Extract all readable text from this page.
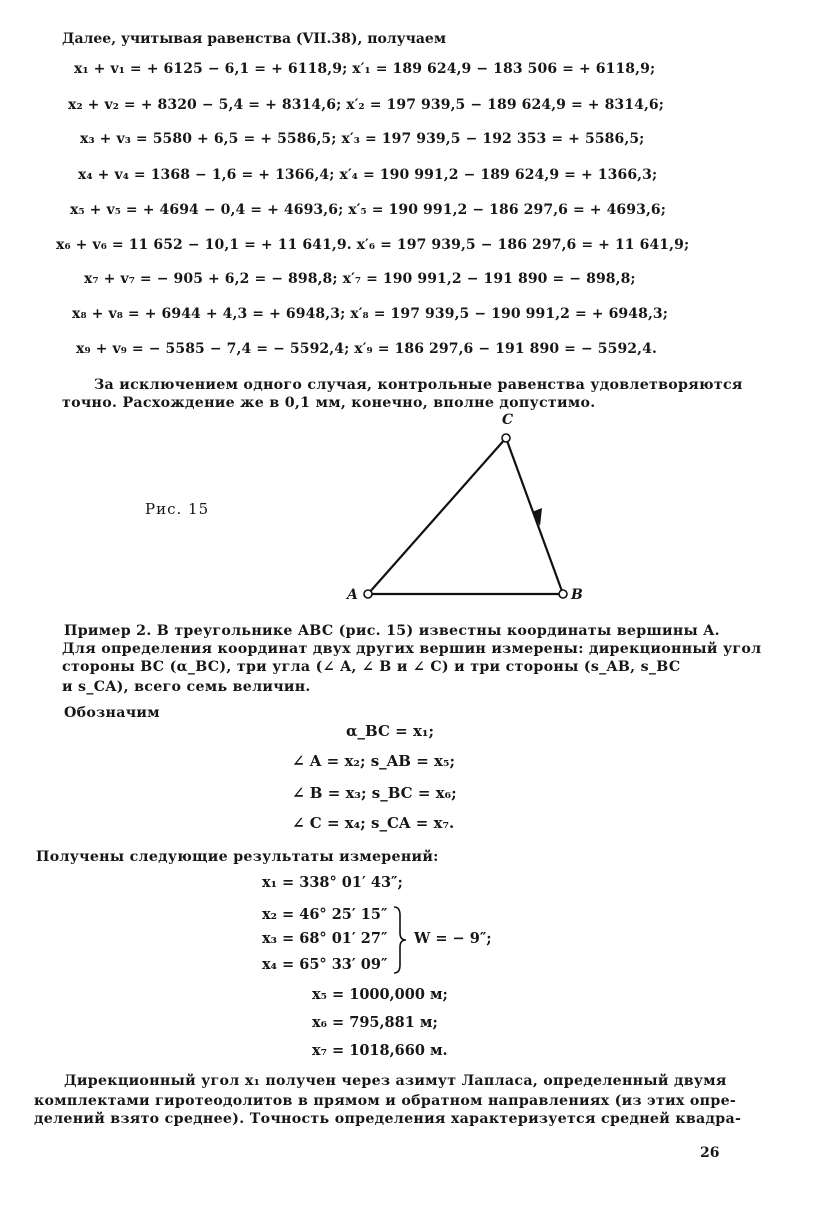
Далее, учитывая равенства (VII.38), получаем
x₁ + v₁ = + 6125 − 6,1 = + 6118,9; x′₁ = 189 624,9 − 183 506 = + 6118,9;
x₂ + v₂ = + 8320 − 5,4 = + 8314,6; x′₂ = 197 939,5 − 189 624,9 = + 8314,6;
x₃ + v₃ = 5580 + 6,5 = + 5586,5; x′₃ = 197 939,5 − 192 353 = + 5586,5;
x₄ + v₄ = 1368 − 1,6 = + 1366,4; x′₄ = 190 991,2 − 189 624,9 = + 1366,3;
x₅ + v₅ = + 4694 − 0,4 = + 4693,6; x′₅ = 190 991,2 − 186 297,6 = + 4693,6;
x₆ + v₆ = 11 652 − 10,1 = + 11 641,9. x′₆ = 197 939,5 − 186 297,6 = + 11 641,9;
x₇ + v₇ = − 905 + 6,2 = − 898,8; x′₇ = 190 991,2 − 191 890 = − 898,8;
x₈ + v₈ = + 6944 + 4,3 = + 6948,3; x′₈ = 197 939,5 − 190 991,2 = + 6948,3;
x₉ + v₉ = − 5585 − 7,4 = − 5592,4; x′₉ = 186 297,6 − 191 890 = − 5592,4.
За исключением одного случая, контрольные равенства удовлетворяются
точно. Расхождение же в 0,1 мм, конечно, вполне допустимо.
Рис. 15
A	B
C
Пример 2. В треугольнике ABC (рис. 15) известны координаты вершины A.
Для определения координат двух других вершин измерены: дирекционный угол
стороны BC (α_BC), три угла (∠ A, ∠ B и ∠ C) и три стороны (s_AB, s_BC
и s_CA), всего семь величин.
Обозначим
α_BC = x₁;
∠ A = x₂; s_AB = x₅;
∠ B = x₃; s_BC = x₆;
∠ C = x₄; s_CA = x₇.
Получены следующие результаты измерений:
x₁ = 338° 01′ 43″;
x₂ = 46° 25′ 15″
x₃ = 68° 01′ 27″
x₄ = 65° 33′ 09″
W = − 9″;
x₅ = 1000,000 м;
x₆ = 795,881 м;
x₇ = 1018,660 м.
Дирекционный угол x₁ получен через азимут Лапласа, определенный двумя
комплектами гиротеодолитов в прямом и обратном направлениях (из этих опре-
делений взято среднее). Точность определения характеризуется средней квадра-
26
